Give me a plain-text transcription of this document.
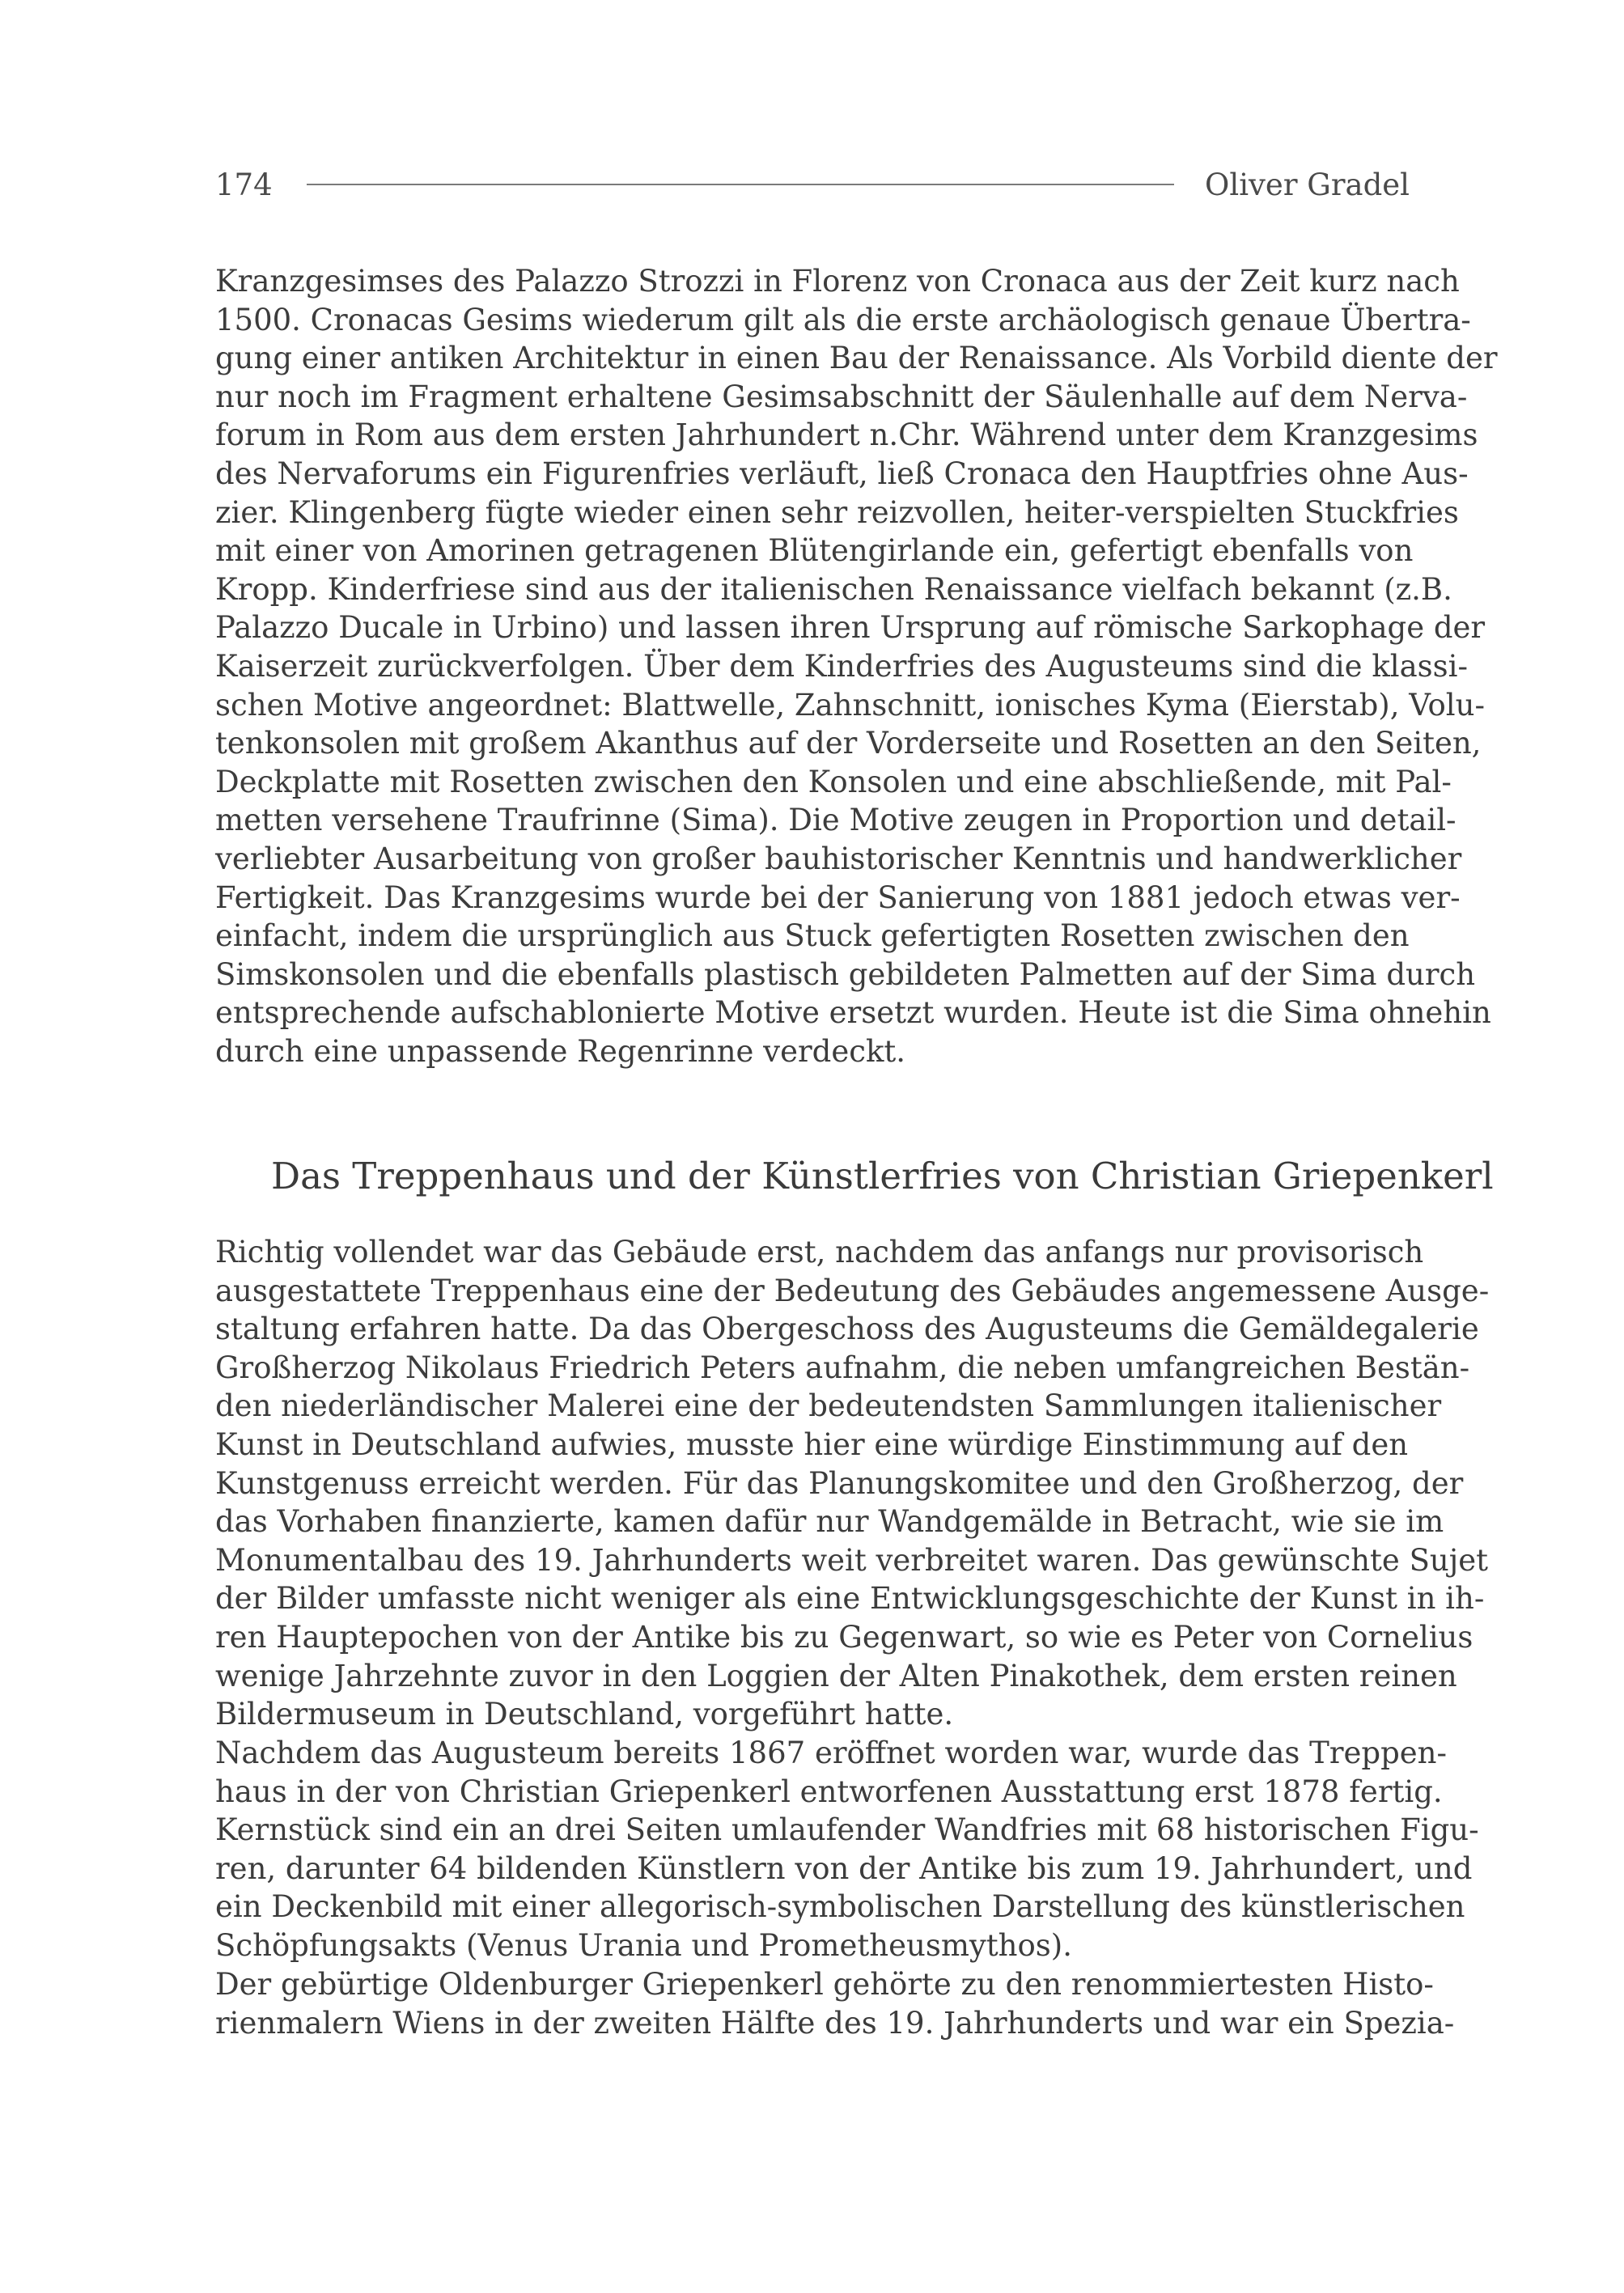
174	Oliver Gradel
Kranzgesimses des Palazzo Strozzi in Florenz von Cronaca aus der Zeit kurz nach
1500. Cronacas Gesims wiederum gilt als die erste archäologisch genaue Übertra-
gung einer antiken Architektur in einen Bau der Renaissance. Als Vorbild diente der
nur noch im Fragment erhaltene Gesimsabschnitt der Säulenhalle auf dem Nerva-
forum in Rom aus dem ersten Jahrhundert n.Chr. Während unter dem Kranzgesims
des Nervaforums ein Figurenfries verläuft, ließ Cronaca den Hauptfries ohne Aus-
zier. Klingenberg fügte wieder einen sehr reizvollen, heiter-verspielten Stuckfries
mit einer von Amorinen getragenen Blütengirlande ein, gefertigt ebenfalls von
Kropp. Kinderfriese sind aus der italienischen Renaissance vielfach bekannt (z.B.
Palazzo Ducale in Urbino) und lassen ihren Ursprung auf römische Sarkophage der
Kaiserzeit zurückverfolgen. Über dem Kinderfries des Augusteums sind die klassi-
schen Motive angeordnet: Blattwelle, Zahnschnitt, ionisches Kyma (Eierstab), Volu-
tenkonsolen mit großem Akanthus auf der Vorderseite und Rosetten an den Seiten,
Deckplatte mit Rosetten zwischen den Konsolen und eine abschließende, mit Pal-
metten versehene Traufrinne (Sima). Die Motive zeugen in Proportion und detail-
verliebter Ausarbeitung von großer bauhistorischer Kenntnis und handwerklicher
Fertigkeit. Das Kranzgesims wurde bei der Sanierung von 1881 jedoch etwas ver-
einfacht, indem die ursprünglich aus Stuck gefertigten Rosetten zwischen den
Simskonsolen und die ebenfalls plastisch gebildeten Palmetten auf der Sima durch
entsprechende aufschablonierte Motive ersetzt wurden. Heute ist die Sima ohnehin
durch eine unpassende Regenrinne verdeckt.
Das Treppenhaus und der Künstlerfries von Christian Griepenkerl
Richtig vollendet war das Gebäude erst, nachdem das anfangs nur provisorisch
ausgestattete Treppenhaus eine der Bedeutung des Gebäudes angemessene Ausge-
staltung erfahren hatte. Da das Obergeschoss des Augusteums die Gemäldegalerie
Großherzog Nikolaus Friedrich Peters aufnahm, die neben umfangreichen Bestän-
den niederländischer Malerei eine der bedeutendsten Sammlungen italienischer
Kunst in Deutschland aufwies, musste hier eine würdige Einstimmung auf den
Kunstgenuss erreicht werden. Für das Planungskomitee und den Großherzog, der
das Vorhaben finanzierte, kamen dafür nur Wandgemälde in Betracht, wie sie im
Monumentalbau des 19. Jahrhunderts weit verbreitet waren. Das gewünschte Sujet
der Bilder umfasste nicht weniger als eine Entwicklungsgeschichte der Kunst in ih-
ren Hauptepochen von der Antike bis zu Gegenwart, so wie es Peter von Cornelius
wenige Jahrzehnte zuvor in den Loggien der Alten Pinakothek, dem ersten reinen
Bildermuseum in Deutschland, vorgeführt hatte.
Nachdem das Augusteum bereits 1867 eröffnet worden war, wurde das Treppen-
haus in der von Christian Griepenkerl entworfenen Ausstattung erst 1878 fertig.
Kernstück sind ein an drei Seiten umlaufender Wandfries mit 68 historischen Figu-
ren, darunter 64 bildenden Künstlern von der Antike bis zum 19. Jahrhundert, und
ein Deckenbild mit einer allegorisch-symbolischen Darstellung des künstlerischen
Schöpfungsakts (Venus Urania und Prometheusmythos).
Der gebürtige Oldenburger Griepenkerl gehörte zu den renommiertesten Histo-
rienmalern Wiens in der zweiten Hälfte des 19. Jahrhunderts und war ein Spezia-
